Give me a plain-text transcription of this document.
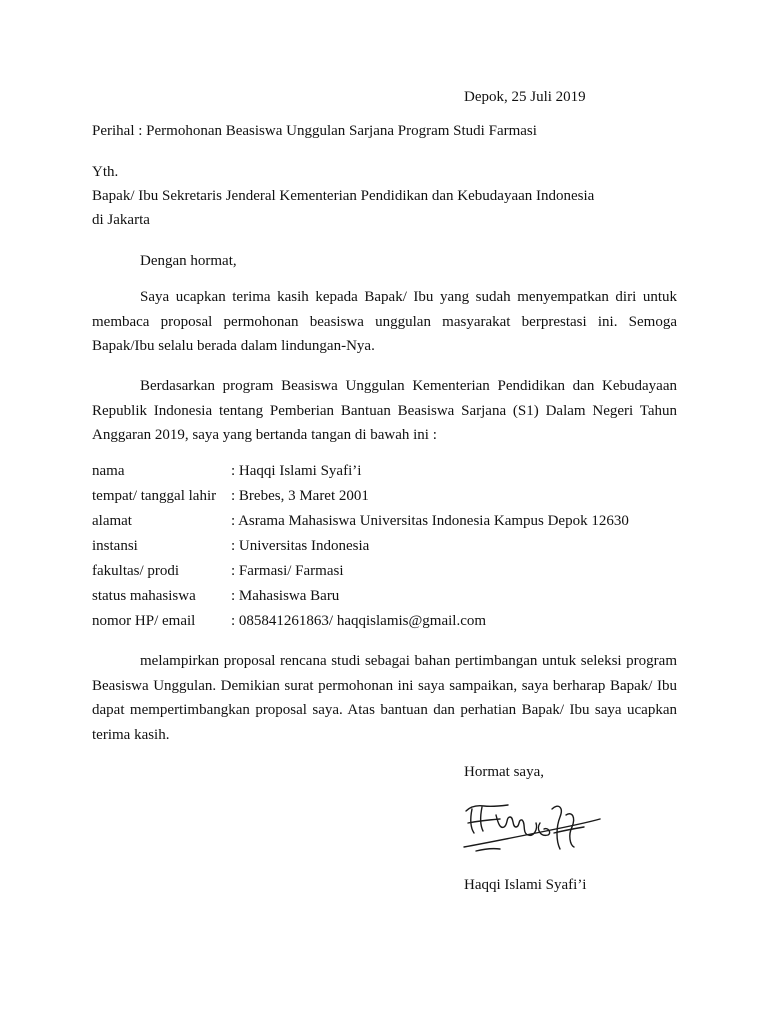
Depok, 25 Juli 2019
Perihal : Permohonan Beasiswa Unggulan Sarjana Program Studi Farmasi
Yth.
Bapak/ Ibu Sekretaris Jenderal Kementerian Pendidikan dan Kebudayaan Indonesia
di Jakarta
Dengan hormat,

Saya ucapkan terima kasih kepada Bapak/ Ibu yang sudah menyempatkan diri untuk membaca proposal permohonan beasiswa unggulan masyarakat berprestasi ini. Semoga Bapak/Ibu selalu berada dalam lindungan-Nya.

Berdasarkan program Beasiswa Unggulan Kementerian Pendidikan dan Kebudayaan Republik Indonesia tentang Pemberian Bantuan Beasiswa Sarjana (S1) Dalam Negeri Tahun Anggaran 2019, saya yang bertanda tangan di bawah ini :

nama	: Haqqi Islami Syafi’i
tempat/ tanggal lahir	: Brebes, 3 Maret 2001
alamat	: Asrama Mahasiswa Universitas Indonesia Kampus Depok 12630
instansi	: Universitas Indonesia
fakultas/ prodi	: Farmasi/ Farmasi
status mahasiswa	: Mahasiswa Baru
nomor HP/ email	: 085841261863/ haqqislamis@gmail.com

melampirkan proposal rencana studi sebagai bahan pertimbangan untuk seleksi program Beasiswa Unggulan. Demikian surat permohonan ini saya sampaikan, saya berharap Bapak/ Ibu dapat mempertimbangkan proposal saya. Atas bantuan dan perhatian Bapak/ Ibu saya ucapkan terima kasih.

Hormat saya,
Haqqi Islami Syafi’i
